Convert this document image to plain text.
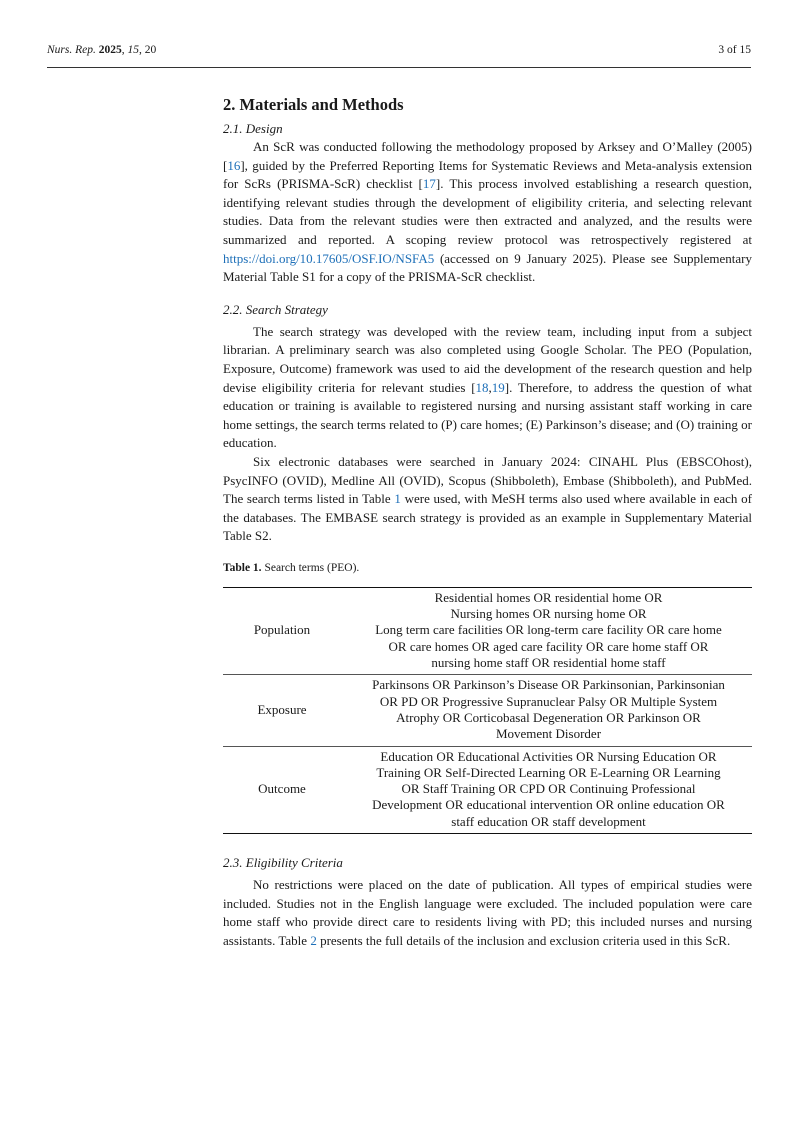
Nurs. Rep. 2025, 15, 20	3 of 15
2. Materials and Methods
2.1. Design

An ScR was conducted following the methodology proposed by Arksey and O’Malley (2005) [16], guided by the Preferred Reporting Items for Systematic Reviews and Meta-analysis extension for ScRs (PRISMA-ScR) checklist [17]. This process involved establishing a research question, identifying relevant studies through the development of eligibility criteria, and selecting relevant studies. Data from the relevant studies were then extracted and analyzed, and the results were summarized and reported. A scoping review protocol was retrospectively registered at https://doi.org/10.17605/OSF.IO/NSFA5 (accessed on 9 January 2025). Please see Supplementary Material Table S1 for a copy of the PRISMA-ScR checklist.

2.2. Search Strategy

The search strategy was developed with the review team, including input from a subject librarian. A preliminary search was also completed using Google Scholar. The PEO (Population, Exposure, Outcome) framework was used to aid the development of the research question and help devise eligibility criteria for relevant studies [18,19]. Therefore, to address the question of what education or training is available to registered nursing and nursing assistant staff working in care home settings, the search terms related to (P) care homes; (E) Parkinson’s disease; and (O) training or education.

Six electronic databases were searched in January 2024: CINAHL Plus (EBSCOhost), PsycINFO (OVID), Medline All (OVID), Scopus (Shibboleth), Embase (Shibboleth), and PubMed. The search terms listed in Table 1 were used, with MeSH terms also used where available in each of the databases. The EMBASE search strategy is provided as an example in Supplementary Material Table S2.

Table 1. Search terms (PEO).
Population	Residential homes OR residential home OR
Nursing homes OR nursing home OR
Long term care facilities OR long-term care facility OR care home
OR care homes OR aged care facility OR care home staff OR
nursing home staff OR residential home staff

Exposure	Parkinsons OR Parkinson’s Disease OR Parkinsonian, Parkinsonian
OR PD OR Progressive Supranuclear Palsy OR Multiple System
Atrophy OR Corticobasal Degeneration OR Parkinson OR
Movement Disorder

Outcome	Education OR Educational Activities OR Nursing Education OR
Training OR Self-Directed Learning OR E-Learning OR Learning
OR Staff Training OR CPD OR Continuing Professional
Development OR educational intervention OR online education OR
staff education OR staff development
2.3. Eligibility Criteria

No restrictions were placed on the date of publication. All types of empirical studies were included. Studies not in the English language were excluded. The included population were care home staff who provide direct care to residents living with PD; this included nurses and nursing assistants. Table 2 presents the full details of the inclusion and exclusion criteria used in this ScR.
